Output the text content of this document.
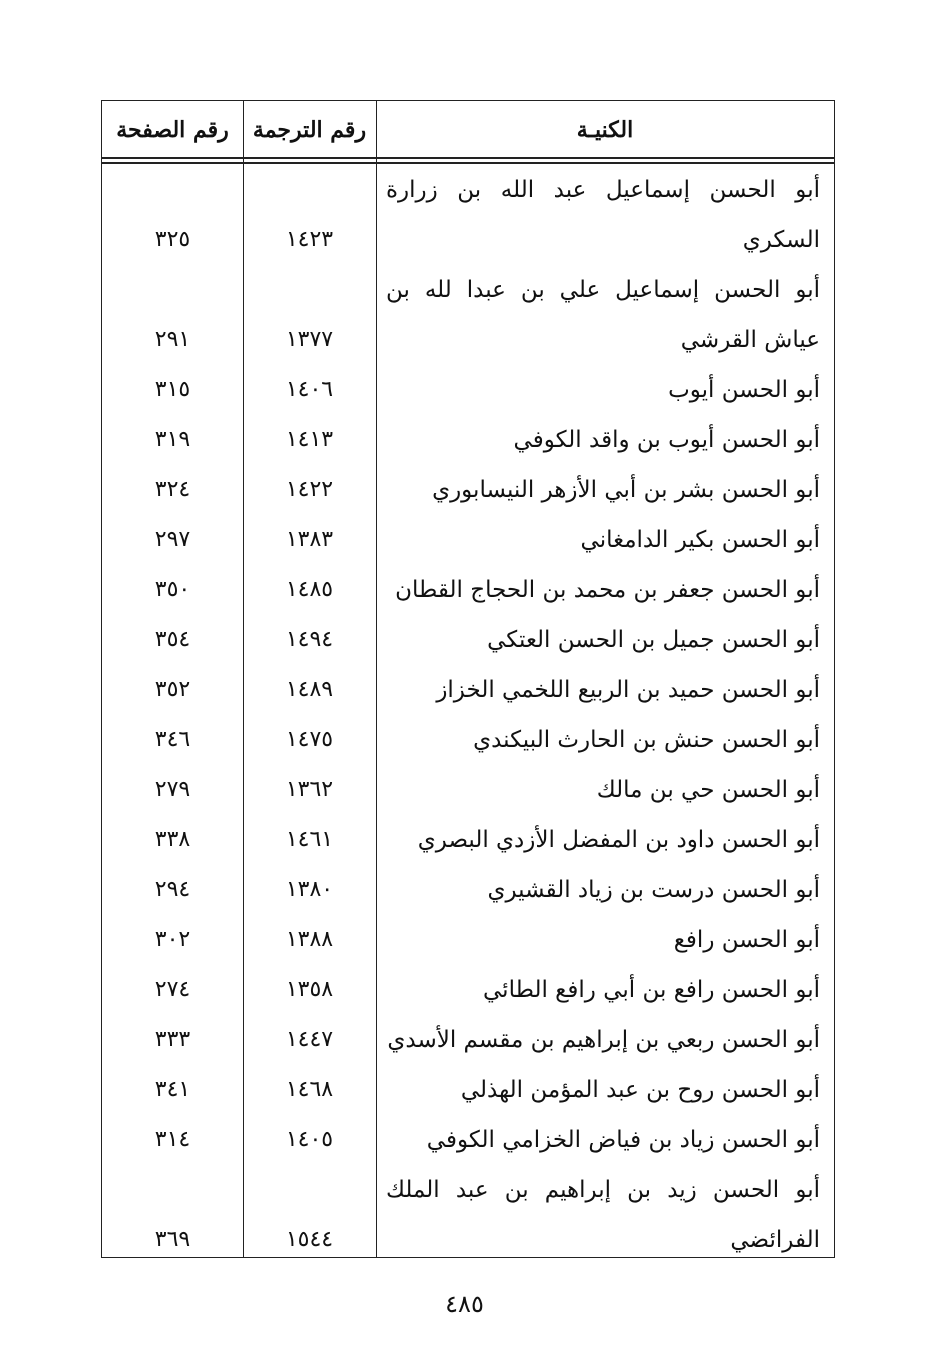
رقم الصفحة	رقم الترجمة	الكنيـة
أبو الحسن إسماعيل عبد الله بن زرارة السكري
١٤٢٣
٣٢٥
أبو الحسن إسماعيل علي بن عبدا لله بن عياش القرشي
١٣٧٧
٢٩١
أبو الحسن أيوب
١٤٠٦
٣١٥
أبو الحسن أيوب بن واقد الكوفي
١٤١٣
٣١٩
أبو الحسن بشر بن أبي الأزهر النيسابوري
١٤٢٢
٣٢٤
أبو الحسن بكير الدامغاني
١٣٨٣
٢٩٧
أبو الحسن جعفر بن محمد بن الحجاج القطان
١٤٨٥
٣٥٠
أبو الحسن جميل بن الحسن العتكي
١٤٩٤
٣٥٤
أبو الحسن حميد بن الربيع اللخمي الخزاز
١٤٨٩
٣٥٢
أبو الحسن حنش بن الحارث البيكندي
١٤٧٥
٣٤٦
أبو الحسن حي بن مالك
١٣٦٢
٢٧٩
أبو الحسن داود بن المفضل الأزدي البصري
١٤٦١
٣٣٨
أبو الحسن درست بن زياد القشيري
١٣٨٠
٢٩٤
أبو الحسن رافع
١٣٨٨
٣٠٢
أبو الحسن رافع بن أبي رافع الطائي
١٣٥٨
٢٧٤
أبو الحسن ربعي بن إبراهيم بن مقسم الأسدي
١٤٤٧
٣٣٣
أبو الحسن روح بن عبد المؤمن الهذلي
١٤٦٨
٣٤١
أبو الحسن زياد بن فياض الخزامي الكوفي
١٤٠٥
٣١٤
أبو الحسن زيد بن إبراهيم بن عبد الملك الفرائضي
١٥٤٤
٣٦٩
٤٨٥
